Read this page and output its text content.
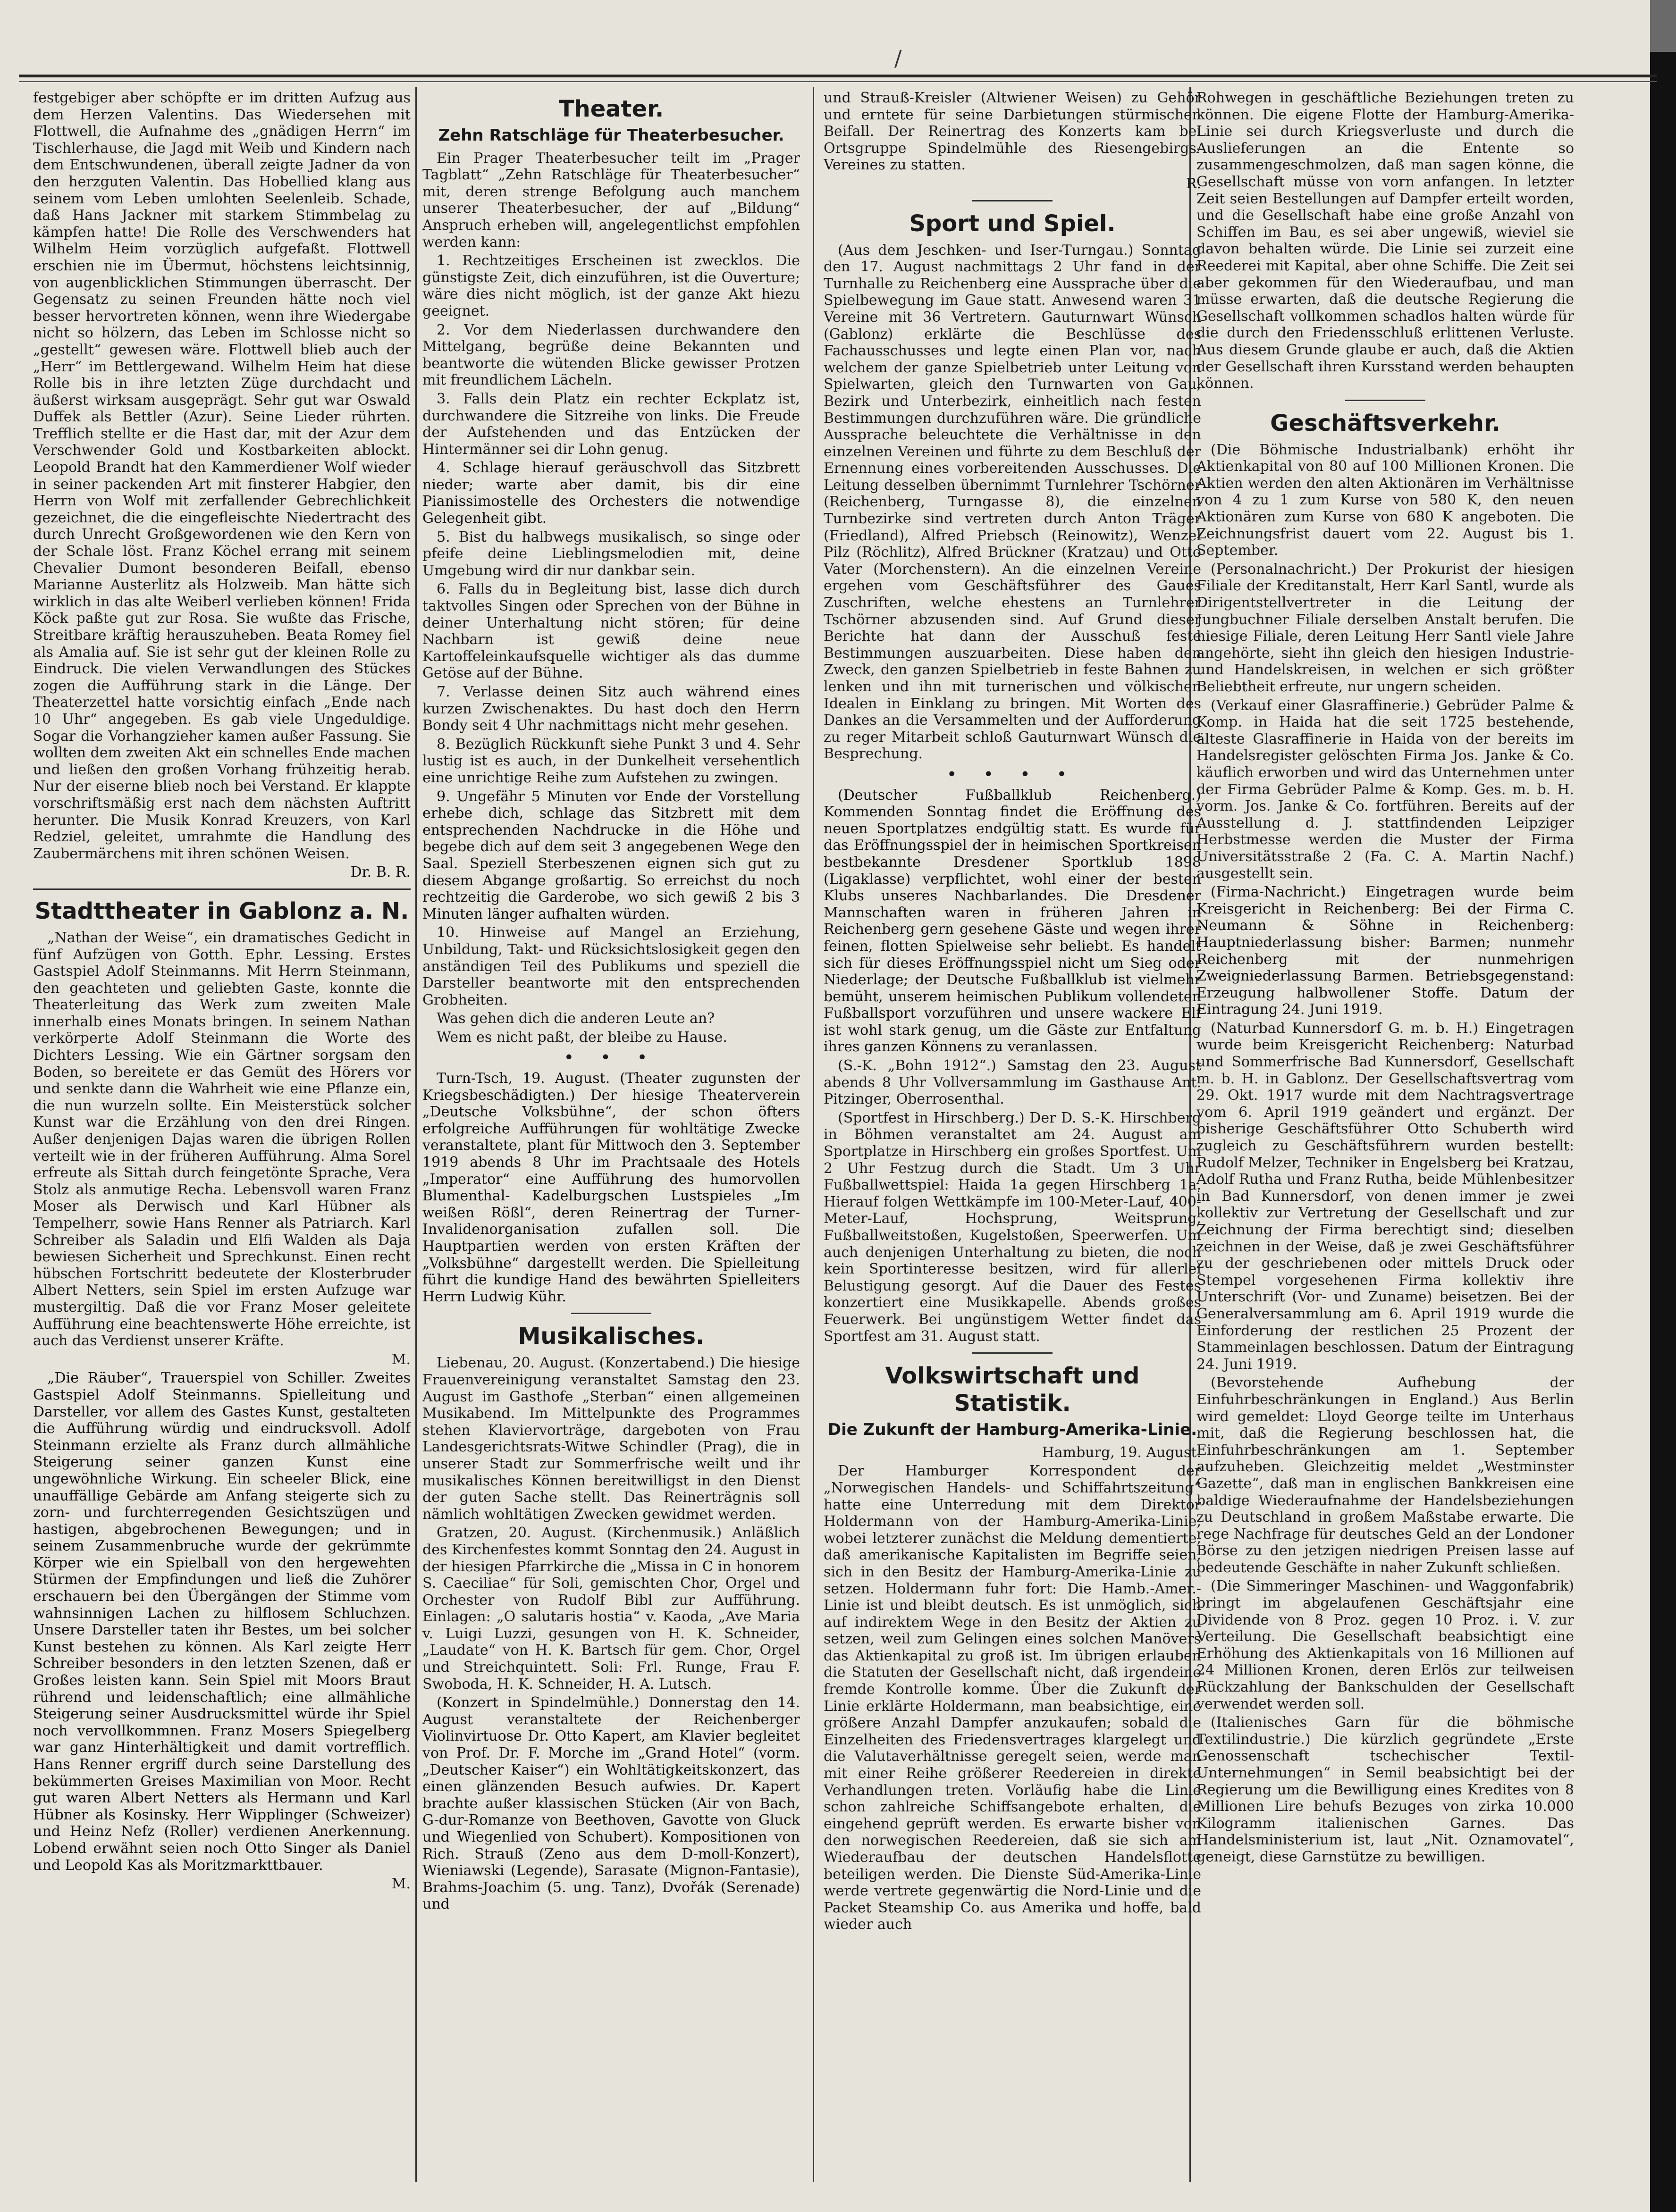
/

festgebiger aber schöpfte er im dritten Aufzug aus dem Herzen Valentins. Das Wiedersehen mit Flottwell, die Aufnahme des „gnädigen Herrn“ im Tischlerhause, die Jagd mit Weib und Kindern nach dem Entschwundenen, überall zeigte Jadner da von den herzguten Valentin. Das Hobellied klang aus seinem vom Leben umlohten Seelenleib. Schade, daß Hans Jackner mit starkem Stimmbelag zu kämpfen hatte! Die Rolle des Verschwenders hat Wilhelm Heim vorzüglich aufgefaßt. Flottwell erschien nie im Übermut, höchstens leichtsinnig, von augenblicklichen Stimmungen überrascht. Der Gegensatz zu seinen Freunden hätte noch viel besser hervortreten können, wenn ihre Wiedergabe nicht so hölzern, das Leben im Schlosse nicht so „gestellt“ gewesen wäre. Flottwell blieb auch der „Herr“ im Bettlergewand. Wilhelm Heim hat diese Rolle bis in ihre letzten Züge durchdacht und äußerst wirksam ausgeprägt. Sehr gut war Oswald Duffek als Bettler (Azur). Seine Lieder rührten. Trefflich stellte er die Hast dar, mit der Azur dem Verschwender Gold und Kostbarkeiten ablockt. Leopold Brandt hat den Kammerdiener Wolf wieder in seiner packenden Art mit finsterer Habgier, den Herrn von Wolf mit zerfallender Gebrechlichkeit gezeichnet, die die eingefleischte Niedertracht des durch Unrecht Großgewordenen wie den Kern von der Schale löst. Franz Köchel errang mit seinem Chevalier Dumont besonderen Beifall, ebenso Marianne Austerlitz als Holzweib. Man hätte sich wirklich in das alte Weiberl verlieben können! Frida Köck paßte gut zur Rosa. Sie wußte das Frische, Streitbare kräftig herauszuheben. Beata Romey fiel als Amalia auf. Sie ist sehr gut der kleinen Rolle zu Eindruck. Die vielen Verwandlungen des Stückes zogen die Aufführung stark in die Länge. Der Theaterzettel hatte vorsichtig einfach „Ende nach 10 Uhr“ angegeben. Es gab viele Ungeduldige. Sogar die Vorhangzieher kamen außer Fassung. Sie wollten dem zweiten Akt ein schnelles Ende machen und ließen den großen Vorhang frühzeitig herab. Nur der eiserne blieb noch bei Verstand. Er klappte vorschriftsmäßig erst nach dem nächsten Auftritt herunter. Die Musik Konrad Kreuzers, von Karl Redziel, geleitet, umrahmte die Handlung des Zaubermärchens mit ihren schönen Weisen.

Dr. B. R.

Stadttheater in Gablonz a. N.

„Nathan der Weise“, ein dramatisches Gedicht in fünf Aufzügen von Gotth. Ephr. Lessing. Erstes Gastspiel Adolf Steinmanns. Mit Herrn Steinmann, den geachteten und geliebten Gaste, konnte die Theaterleitung das Werk zum zweiten Male innerhalb eines Monats bringen. In seinem Nathan verkörperte Adolf Steinmann die Worte des Dichters Lessing. Wie ein Gärtner sorgsam den Boden, so bereitete er das Gemüt des Hörers vor und senkte dann die Wahrheit wie eine Pflanze ein, die nun wurzeln sollte. Ein Meisterstück solcher Kunst war die Erzählung von den drei Ringen. Außer denjenigen Dajas waren die übrigen Rollen verteilt wie in der früheren Aufführung. Alma Sorel erfreute als Sittah durch feingetönte Sprache, Vera Stolz als anmutige Recha. Lebensvoll waren Franz Moser als Derwisch und Karl Hübner als Tempelherr, sowie Hans Renner als Patriarch. Karl Schreiber als Saladin und Elfi Walden als Daja bewiesen Sicherheit und Sprechkunst. Einen recht hübschen Fortschritt bedeutete der Klosterbruder Albert Netters, sein Spiel im ersten Aufzuge war mustergiltig. Daß die vor Franz Moser geleitete Aufführung eine beachtenswerte Höhe erreichte, ist auch das Verdienst unserer Kräfte.

M.

„Die Räuber“, Trauerspiel von Schiller. Zweites Gastspiel Adolf Steinmanns. Spielleitung und Darsteller, vor allem des Gastes Kunst, gestalteten die Aufführung würdig und eindrucksvoll. Adolf Steinmann erzielte als Franz durch allmähliche Steigerung seiner ganzen Kunst eine ungewöhnliche Wirkung. Ein scheeler Blick, eine unauffällige Gebärde am Anfang steigerte sich zu zorn- und furchterregenden Gesichtszügen und hastigen, abgebrochenen Bewegungen; und in seinem Zusammenbruche wurde der gekrümmte Körper wie ein Spielball von den hergewehten Stürmen der Empfindungen und ließ die Zuhörer erschauern bei den Übergängen der Stimme vom wahnsinnigen Lachen zu hilflosem Schluchzen. Unsere Darsteller taten ihr Bestes, um bei solcher Kunst bestehen zu können. Als Karl zeigte Herr Schreiber besonders in den letzten Szenen, daß er Großes leisten kann. Sein Spiel mit Moors Braut rührend und leidenschaftlich; eine allmähliche Steigerung seiner Ausdrucksmittel würde ihr Spiel noch vervollkommnen. Franz Mosers Spiegelberg war ganz Hinterhältigkeit und damit vortrefflich. Hans Renner ergriff durch seine Darstellung des bekümmerten Greises Maximilian von Moor. Recht gut waren Albert Netters als Hermann und Karl Hübner als Kosinsky. Herr Wipplinger (Schweizer) und Heinz Nefz (Roller) verdienen Anerkennung. Lobend erwähnt seien noch Otto Singer als Daniel und Leopold Kas als Moritzmarkttbauer.

M.

Theater.
Zehn Ratschläge für Theaterbesucher.

Ein Prager Theaterbesucher teilt im „Prager Tagblatt“ „Zehn Ratschläge für Theaterbesucher“ mit, deren strenge Befolgung auch manchem unserer Theaterbesucher, der auf „Bildung“ Anspruch erheben will, angelegentlichst empfohlen werden kann:

1. Rechtzeitiges Erscheinen ist zwecklos. Die günstigste Zeit, dich einzuführen, ist die Ouverture; wäre dies nicht möglich, ist der ganze Akt hiezu geeignet.

2. Vor dem Niederlassen durchwandere den Mittelgang, begrüße deine Bekannten und beantworte die wütenden Blicke gewisser Protzen mit freundlichem Lächeln.

3. Falls dein Platz ein rechter Eckplatz ist, durchwandere die Sitzreihe von links. Die Freude der Aufstehenden und das Entzücken der Hintermänner sei dir Lohn genug.

4. Schlage hierauf geräuschvoll das Sitzbrett nieder; warte aber damit, bis dir eine Pianissimostelle des Orchesters die notwendige Gelegenheit gibt.

5. Bist du halbwegs musikalisch, so singe oder pfeife deine Lieblingsmelodien mit, deine Umgebung wird dir nur dankbar sein.

6. Falls du in Begleitung bist, lasse dich durch taktvolles Singen oder Sprechen von der Bühne in deiner Unterhaltung nicht stören; für deine Nachbarn ist gewiß deine neue Kartoffeleinkaufsquelle wichtiger als das dumme Getöse auf der Bühne.

7. Verlasse deinen Sitz auch während eines kurzen Zwischenaktes. Du hast doch den Herrn Bondy seit 4 Uhr nachmittags nicht mehr gesehen.

8. Bezüglich Rückkunft siehe Punkt 3 und 4. Sehr lustig ist es auch, in der Dunkelheit versehentlich eine unrichtige Reihe zum Aufstehen zu zwingen.

9. Ungefähr 5 Minuten vor Ende der Vorstellung erhebe dich, schlage das Sitzbrett mit dem entsprechenden Nachdrucke in die Höhe und begebe dich auf dem seit 3 angegebenen Wege den Saal. Speziell Sterbeszenen eignen sich gut zu diesem Abgange großartig. So erreichst du noch rechtzeitig die Garderobe, wo sich gewiß 2 bis 3 Minuten länger aufhalten würden.

10. Hinweise auf Mangel an Erziehung, Unbildung, Takt- und Rücksichtslosigkeit gegen den anständigen Teil des Publikums und speziell die Darsteller beantworte mit den entsprechenden Grobheiten.

Was gehen dich die anderen Leute an?

Wem es nicht paßt, der bleibe zu Hause.

• • •

Turn-Tsch, 19. August. (Theater zugunsten der Kriegsbeschädigten.) Der hiesige Theaterverein „Deutsche Volksbühne“, der schon öfters erfolgreiche Aufführungen für wohltätige Zwecke veranstaltete, plant für Mittwoch den 3. September 1919 abends 8 Uhr im Prachtsaale des Hotels „Imperator“ eine Aufführung des humorvollen Blumenthal- Kadelburgschen Lustspieles „Im weißen Rößl“, deren Reinertrag der Turner-Invalidenorganisation zufallen soll. Die Hauptpartien werden von ersten Kräften der „Volksbühne“ dargestellt werden. Die Spielleitung führt die kundige Hand des bewährten Spielleiters Herrn Ludwig Kühr.

Musikalisches.

Liebenau, 20. August. (Konzertabend.) Die hiesige Frauenvereinigung veranstaltet Samstag den 23. August im Gasthofe „Sterban“ einen allgemeinen Musikabend. Im Mittelpunkte des Programmes stehen Klaviervorträge, dargeboten von Frau Landesgerichtsrats-Witwe Schindler (Prag), die in unserer Stadt zur Sommerfrische weilt und ihr musikalisches Können bereitwilligst in den Dienst der guten Sache stellt. Das Reinerträgnis soll nämlich wohltätigen Zwecken gewidmet werden.

Gratzen, 20. August. (Kirchenmusik.) Anläßlich des Kirchenfestes kommt Sonntag den 24. August in der hiesigen Pfarrkirche die „Missa in C in honorem S. Caeciliae“ für Soli, gemischten Chor, Orgel und Orchester von Rudolf Bibl zur Aufführung. Einlagen: „O salutaris hostia“ v. Kaoda, „Ave Maria v. Luigi Luzzi, gesungen von H. K. Schneider, „Laudate“ von H. K. Bartsch für gem. Chor, Orgel und Streichquintett. Soli: Frl. Runge, Frau F. Swoboda, H. K. Schneider, H. A. Lutsch.

(Konzert in Spindelmühle.) Donnerstag den 14. August veranstaltete der Reichenberger Violinvirtuose Dr. Otto Kapert, am Klavier begleitet von Prof. Dr. F. Morche im „Grand Hotel“ (vorm. „Deutscher Kaiser“) ein Wohltätigkeitskonzert, das einen glänzenden Besuch aufwies. Dr. Kapert brachte außer klassischen Stücken (Air von Bach, G-dur-Romanze von Beethoven, Gavotte von Gluck und Wiegenlied von Schubert). Kompositionen von Rich. Strauß (Zeno aus dem D-moll-Konzert), Wieniawski (Legende), Sarasate (Mignon-Fantasie), Brahms-Joachim (5. ung. Tanz), Dvořák (Serenade) und

und Strauß-Kreisler (Altwiener Weisen) zu Gehör und erntete für seine Darbietungen stürmischen Beifall. Der Reinertrag des Konzerts kam bei Ortsgruppe Spindelmühle des Riesengebirgs-Vereines zu statten.

R.

Sport und Spiel.

(Aus dem Jeschken- und Iser-Turngau.) Sonntag den 17. August nachmittags 2 Uhr fand in der Turnhalle zu Reichenberg eine Aussprache über die Spielbewegung im Gaue statt. Anwesend waren 31 Vereine mit 36 Vertretern. Gauturnwart Wünsch (Gablonz) erklärte die Beschlüsse des Fachausschusses und legte einen Plan vor, nach welchem der ganze Spielbetrieb unter Leitung von Spielwarten, gleich den Turnwarten von Gau, Bezirk und Unterbezirk, einheitlich nach festen Bestimmungen durchzuführen wäre. Die gründliche Aussprache beleuchtete die Verhältnisse in den einzelnen Vereinen und führte zu dem Beschluß der Ernennung eines vorbereitenden Ausschusses. Die Leitung desselben übernimmt Turnlehrer Tschörner (Reichenberg, Turngasse 8), die einzelnen Turnbezirke sind vertreten durch Anton Träger (Friedland), Alfred Priebsch (Reinowitz), Wenzel Pilz (Röchlitz), Alfred Brückner (Kratzau) und Otto Vater (Morchenstern). An die einzelnen Vereine ergehen vom Geschäftsführer des Gaues Zuschriften, welche ehestens an Turnlehrer Tschörner abzusenden sind. Auf Grund dieser Berichte hat dann der Ausschuß feste Bestimmungen auszuarbeiten. Diese haben den Zweck, den ganzen Spielbetrieb in feste Bahnen zu lenken und ihn mit turnerischen und völkischen Idealen in Einklang zu bringen. Mit Worten des Dankes an die Versammelten und der Aufforderung zu reger Mitarbeit schloß Gauturnwart Wünsch die Besprechung.

• • • •

(Deutscher Fußballklub Reichenberg.) Kommenden Sonntag findet die Eröffnung des neuen Sportplatzes endgültig statt. Es wurde für das Eröffnungsspiel der in heimischen Sportkreisen bestbekannte Dresdener Sportklub 1898 (Ligaklasse) verpflichtet, wohl einer der besten Klubs unseres Nachbarlandes. Die Dresdener Mannschaften waren in früheren Jahren in Reichenberg gern gesehene Gäste und wegen ihrer feinen, flotten Spielweise sehr beliebt. Es handelt sich für dieses Eröffnungsspiel nicht um Sieg oder Niederlage; der Deutsche Fußballklub ist vielmehr bemüht, unserem heimischen Publikum vollendeten Fußballsport vorzuführen und unsere wackere Elf ist wohl stark genug, um die Gäste zur Entfaltung ihres ganzen Könnens zu veranlassen.

(S.-K. „Bohn 1912“.) Samstag den 23. August abends 8 Uhr Vollversammlung im Gasthause Ant. Pitzinger, Oberrosenthal.

(Sportfest in Hirschberg.) Der D. S.-K. Hirschberg in Böhmen veranstaltet am 24. August am Sportplatze in Hirschberg ein großes Sportfest. Um 2 Uhr Festzug durch die Stadt. Um 3 Uhr Fußballwettspiel: Haida 1a gegen Hirschberg 1a. Hierauf folgen Wettkämpfe im 100-Meter-Lauf, 400-Meter-Lauf, Hochsprung, Weitsprung, Fußballweitstoßen, Kugelstoßen, Speerwerfen. Um auch denjenigen Unterhaltung zu bieten, die noch kein Sportinteresse besitzen, wird für allerlei Belustigung gesorgt. Auf die Dauer des Festes konzertiert eine Musikkapelle. Abends großes Feuerwerk. Bei ungünstigem Wetter findet das Sportfest am 31. August statt.

Volkswirtschaft und Statistik.
Die Zukunft der Hamburg-Amerika-Linie.

Hamburg, 19. August.

Der Hamburger Korrespondent der „Norwegischen Handels- und Schiffahrtszeitung“ hatte eine Unterredung mit dem Direktor Holdermann von der Hamburg-Amerika-Linie, wobei letzterer zunächst die Meldung dementierte, daß amerikanische Kapitalisten im Begriffe seien, sich in den Besitz der Hamburg-Amerika-Linie zu setzen. Holdermann fuhr fort: Die Hamb.-Amer.-Linie ist und bleibt deutsch. Es ist unmöglich, sich auf indirektem Wege in den Besitz der Aktien zu setzen, weil zum Gelingen eines solchen Manövers das Aktienkapital zu groß ist. Im übrigen erlauben die Statuten der Gesellschaft nicht, daß irgendeine fremde Kontrolle komme. Über die Zukunft der Linie erklärte Holdermann, man beabsichtige, eine größere Anzahl Dampfer anzukaufen; sobald die Einzelheiten des Friedensvertrages klargelegt und die Valutaverhältnisse geregelt seien, werde man mit einer Reihe größerer Reedereien in direkte Verhandlungen treten. Vorläufig habe die Linie schon zahlreiche Schiffsangebote erhalten, die eingehend geprüft werden. Es erwarte bisher von den norwegischen Reedereien, daß sie sich am Wiederaufbau der deutschen Handelsflotte beteiligen werden. Die Dienste Süd-Amerika-Linie werde vertrete gegenwärtig die Nord-Linie und die Packet Steamship Co. aus Amerika und hoffe, bald wieder auch

Rohwegen in geschäftliche Beziehungen treten zu können. Die eigene Flotte der Hamburg-Amerika-Linie sei durch Kriegsverluste und durch die Auslieferungen an die Entente so zusammengeschmolzen, daß man sagen könne, die Gesellschaft müsse von vorn anfangen. In letzter Zeit seien Bestellungen auf Dampfer erteilt worden, und die Gesellschaft habe eine große Anzahl von Schiffen im Bau, es sei aber ungewiß, wieviel sie davon behalten würde. Die Linie sei zurzeit eine Reederei mit Kapital, aber ohne Schiffe. Die Zeit sei aber gekommen für den Wiederaufbau, und man müsse erwarten, daß die deutsche Regierung die Gesellschaft vollkommen schadlos halten würde für die durch den Friedensschluß erlittenen Verluste. Aus diesem Grunde glaube er auch, daß die Aktien der Gesellschaft ihren Kursstand werden behaupten können.

Geschäftsverkehr.

(Die Böhmische Industrialbank) erhöht ihr Aktienkapital von 80 auf 100 Millionen Kronen. Die Aktien werden den alten Aktionären im Verhältnisse von 4 zu 1 zum Kurse von 580 K, den neuen Aktionären zum Kurse von 680 K angeboten. Die Zeichnungsfrist dauert vom 22. August bis 1. September.

(Personalnachricht.) Der Prokurist der hiesigen Filiale der Kreditanstalt, Herr Karl Santl, wurde als Dirigentstellvertreter in die Leitung der Jungbuchner Filiale derselben Anstalt berufen. Die hiesige Filiale, deren Leitung Herr Santl viele Jahre angehörte, sieht ihn gleich den hiesigen Industrie- und Handelskreisen, in welchen er sich größter Beliebtheit erfreute, nur ungern scheiden.

(Verkauf einer Glasraffinerie.) Gebrüder Palme & Komp. in Haida hat die seit 1725 bestehende, älteste Glasraffinerie in Haida von der bereits im Handelsregister gelöschten Firma Jos. Janke & Co. käuflich erworben und wird das Unternehmen unter der Firma Gebrüder Palme & Komp. Ges. m. b. H. vorm. Jos. Janke & Co. fortführen. Bereits auf der Ausstellung d. J. stattfindenden Leipziger Herbstmesse werden die Muster der Firma Universitätsstraße 2 (Fa. C. A. Martin Nachf.) ausgestellt sein.

(Firma-Nachricht.) Eingetragen wurde beim Kreisgericht in Reichenberg: Bei der Firma C. Neumann & Söhne in Reichenberg: Hauptniederlassung bisher: Barmen; nunmehr Reichenberg mit der nunmehrigen Zweigniederlassung Barmen. Betriebsgegenstand: Erzeugung halbwollener Stoffe. Datum der Eintragung 24. Juni 1919.

(Naturbad Kunnersdorf G. m. b. H.) Eingetragen wurde beim Kreisgericht Reichenberg: Naturbad und Sommerfrische Bad Kunnersdorf, Gesellschaft m. b. H. in Gablonz. Der Gesellschaftsvertrag vom 29. Okt. 1917 wurde mit dem Nachtragsvertrage vom 6. April 1919 geändert und ergänzt. Der bisherige Geschäftsführer Otto Schuberth wird zugleich zu Geschäftsführern wurden bestellt: Rudolf Melzer, Techniker in Engelsberg bei Kratzau, Adolf Rutha und Franz Rutha, beide Mühlenbesitzer in Bad Kunnersdorf, von denen immer je zwei kollektiv zur Vertretung der Gesellschaft und zur Zeichnung der Firma berechtigt sind; dieselben zeichnen in der Weise, daß je zwei Geschäftsführer zu der geschriebenen oder mittels Druck oder Stempel vorgesehenen Firma kollektiv ihre Unterschrift (Vor- und Zuname) beisetzen. Bei der Generalversammlung am 6. April 1919 wurde die Einforderung der restlichen 25 Prozent der Stammeinlagen beschlossen. Datum der Eintragung 24. Juni 1919.

(Bevorstehende Aufhebung der Einfuhrbeschränkungen in England.) Aus Berlin wird gemeldet: Lloyd George teilte im Unterhaus mit, daß die Regierung beschlossen hat, die Einfuhrbeschränkungen am 1. September aufzuheben. Gleichzeitig meldet „Westminster Gazette“, daß man in englischen Bankkreisen eine baldige Wiederaufnahme der Handelsbeziehungen zu Deutschland in großem Maßstabe erwarte. Die rege Nachfrage für deutsches Geld an der Londoner Börse zu den jetzigen niedrigen Preisen lasse auf bedeutende Geschäfte in naher Zukunft schließen.

(Die Simmeringer Maschinen- und Waggonfabrik) bringt im abgelaufenen Geschäftsjahr eine Dividende von 8 Proz. gegen 10 Proz. i. V. zur Verteilung. Die Gesellschaft beabsichtigt eine Erhöhung des Aktienkapitals von 16 Millionen auf 24 Millionen Kronen, deren Erlös zur teilweisen Rückzahlung der Bankschulden der Gesellschaft verwendet werden soll.

(Italienisches Garn für die böhmische Textilindustrie.) Die kürzlich gegründete „Erste Genossenschaft tschechischer Textil-Unternehmungen“ in Semil beabsichtigt bei der Regierung um die Bewilligung eines Kredites von 8 Millionen Lire behufs Bezuges von zirka 10.000 Kilogramm italienischen Garnes. Das Handelsministerium ist, laut „Nit. Oznamovatel“, geneigt, diese Garnstütze zu bewilligen.
